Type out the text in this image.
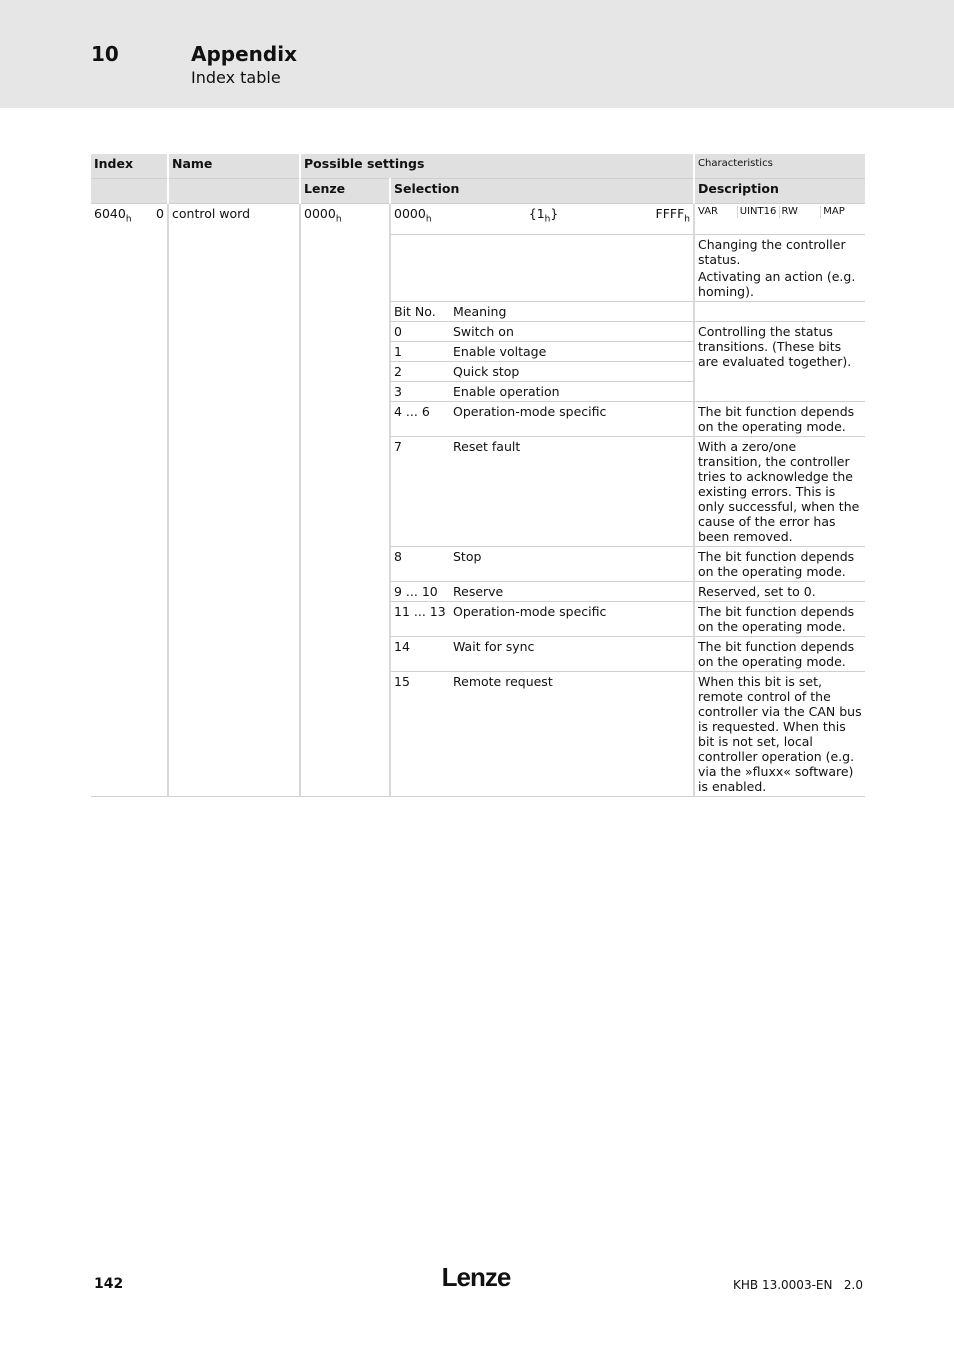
10	Appendix
Index table
Index	Name	Possible settings		Characteristics
		Lenze	Selection	Description

$6040_h$ 0	control word	$0000_h$	$0000_h$ $\{1_h\}$ $FFFF_h$	VAR UINT16 RW MAP

				Changing the controller status.
Activating an action (e.g. homing).

			Bit No. Meaning	

			0 Switch on	Controlling the status transitions. (These bits are evaluated together).

			1 Enable voltage	

			2 Quick stop	

			3 Enable operation	

			4 ... 6 Operation-mode specific	The bit function depends on the operating mode.

			7 Reset fault	With a zero/one transition, the controller tries to acknowledge the existing errors. This is only successful, when the cause of the error has been removed.

			8 Stop	The bit function depends on the operating mode.

			9 ... 10 Reserve	Reserved, set to 0.

			11 ... 13 Operation-mode specific	The bit function depends on the operating mode.

			14 Wait for sync	The bit function depends on the operating mode.

			15 Remote request	When this bit is set, remote control of the controller via the CAN bus is requested. When this bit is not set, local controller operation (e.g. via the »fluxx« software) is enabled.
142	Lenze	KHB 13.0003-EN   2.0
